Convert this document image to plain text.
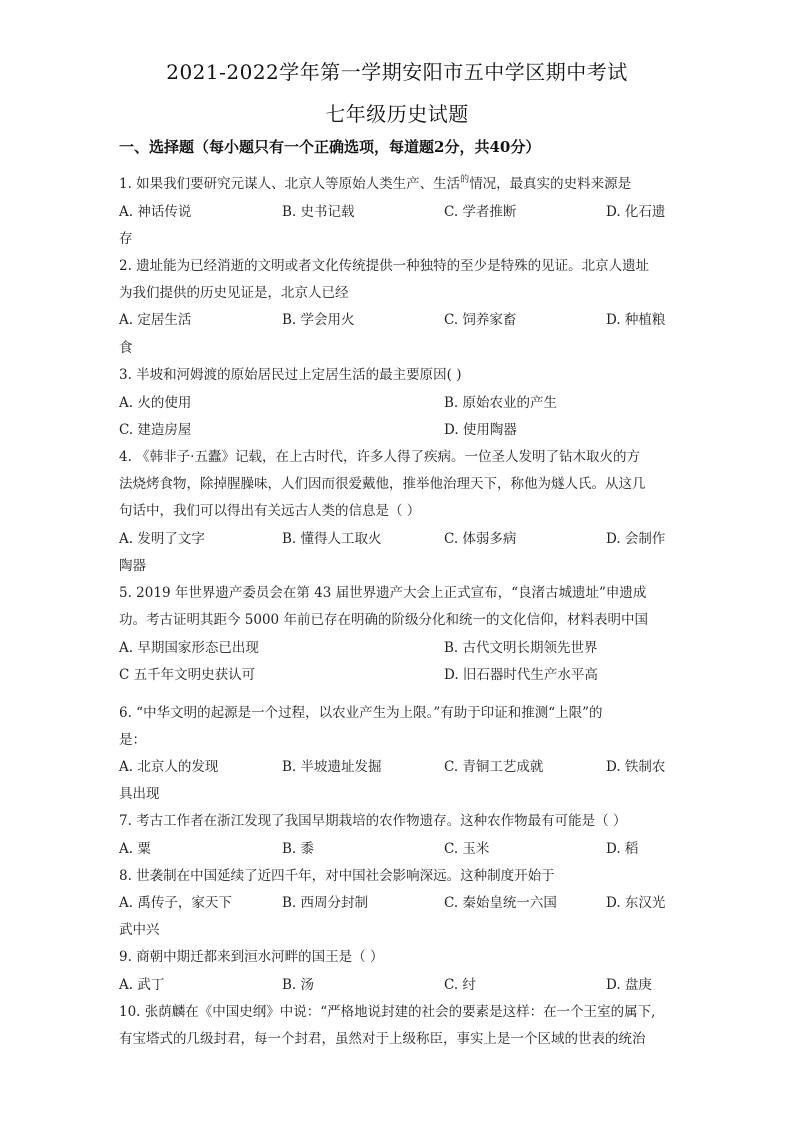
2021-2022学年第一学期安阳市五中学区期中考试
七年级历史试题
一、选择题（每小题只有一个正确选项，每道题2分，共40分）
1. 如果我们要研究元谋人、北京人等原始人类生产、生活$^的$情况，最真实的史料来源是
A. 神话传说	B. 史书记载	C. 学者推断	D. 化石遗
存
2. 遗址能为已经消逝的文明或者文化传统提供一种独特的至少是特殊的见证。北京人遗址
为我们提供的历史见证是，北京人已经
A. 定居生活	B. 学会用火	C. 饲养家畜	D. 种植粮
食
3. 半坡和河姆渡的原始居民过上定居生活的最主要原因( )
A. 火的使用	B. 原始农业的产生
C. 建造房屋	D. 使用陶器
4. 《韩非子·五蠹》记载，在上古时代，许多人得了疾病。一位圣人发明了钻木取火的方
法烧烤食物，除掉腥臊味，人们因而很爱戴他，推举他治理天下，称他为燧人氏。从这几
句话中，我们可以得出有关远古人类的信息是（ ）
A. 发明了文字	B. 懂得人工取火	C. 体弱多病	D. 会制作
陶器
5. 2019 年世界遗产委员会在第 43 届世界遗产大会上正式宣布，“良渚古城遗址”申遗成
功。考古证明其距今 5000 年前已存在明确的阶级分化和统一的文化信仰，材料表明中国
A. 早期国家形态已出现	B. 古代文明长期领先世界
C 五千年文明史获认可	D. 旧石器时代生产水平高
6. “中华文明的起源是一个过程，以农业产生为上限。”有助于印证和推测“上限”的
是：
A. 北京人的发现	B. 半坡遗址发掘	C. 青铜工艺成就	D. 铁制农
具出现
7. 考古工作者在浙江发现了我国早期栽培的农作物遗存。这种农作物最有可能是（ ）
A. 粟	B. 黍	C. 玉米	D. 稻
8. 世袭制在中国延续了近四千年，对中国社会影响深远。这种制度开始于
A. 禹传子，家天下	B. 西周分封制	C. 秦始皇统一六国	D. 东汉光
武中兴
9. 商朝中期迁都来到洹水河畔的国王是（ ）
A. 武丁	B. 汤	C. 纣	D. 盘庚
10. 张荫麟在《中国史纲》中说：“严格地说封建的社会的要素是这样：在一个王室的属下,
有宝塔式的几级封君，每一个封君，虽然对于上级称臣，事实上是一个区域的世表的统治
